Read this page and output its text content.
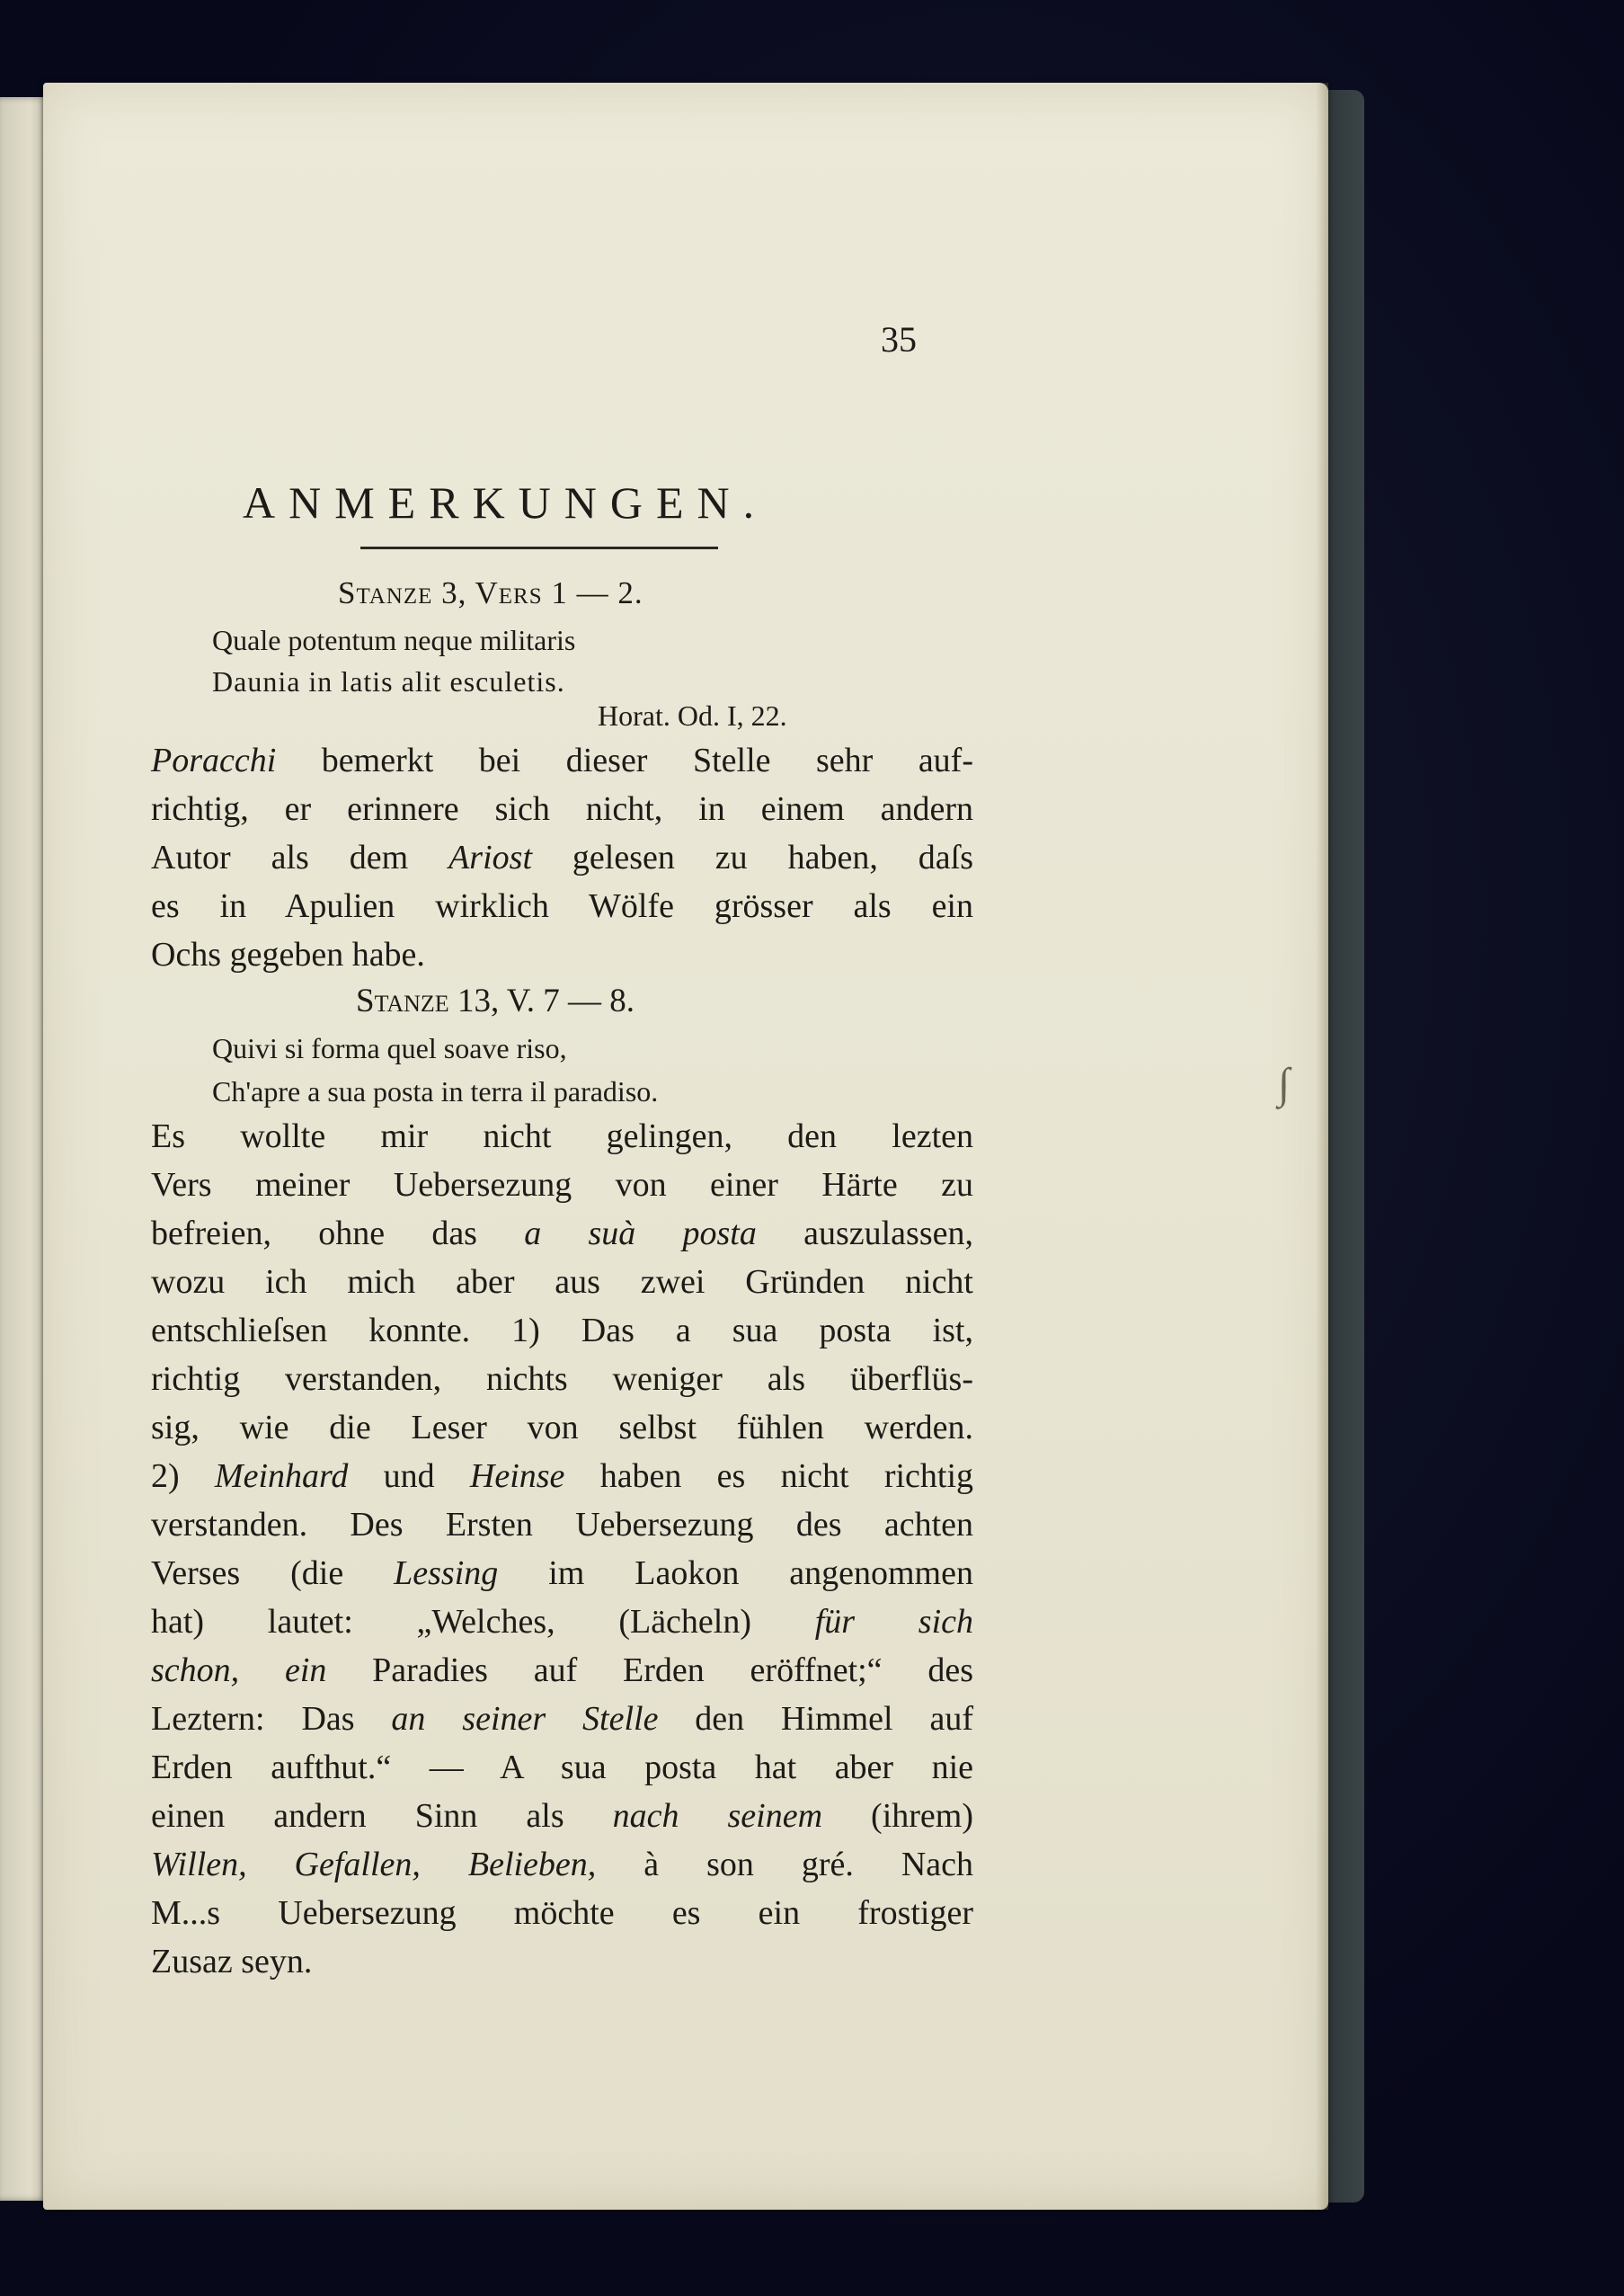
35
ANMERKUNGEN.
Stanze 3, Vers 1 — 2.
Quale potentum neque militaris
Daunia in latis alit esculetis.
Horat. Od. I, 22.
Poracchi bemerkt bei dieser Stelle sehr auf-
richtig, er erinnere sich nicht, in einem andern
Autor als dem Ariost gelesen zu haben, daſs
es in Apulien wirklich Wölfe grösser als ein
Ochs gegeben habe.
Stanze 13, V. 7 — 8.
Quivi si forma quel soave riso,
Ch'apre a sua posta in terra il paradiso.
Es wollte mir nicht gelingen, den lezten
Vers meiner Uebersezung von einer Härte zu
befreien, ohne das a suà posta auszulassen,
wozu ich mich aber aus zwei Gründen nicht
entschlieſsen konnte. 1) Das a sua posta ist,
richtig verstanden, nichts weniger als überflüs-
sig, wie die Leser von selbst fühlen werden.
2) Meinhard und Heinse haben es nicht richtig
verstanden. Des Ersten Uebersezung des achten
Verses (die Lessing im Laokon angenommen
hat) lautet: „Welches, (Lächeln) für sich
schon, ein Paradies auf Erden eröffnet;“ des
Leztern: Das an seiner Stelle den Himmel auf
Erden aufthut.“ — A sua posta hat aber nie
einen andern Sinn als nach seinem (ihrem)
Willen, Gefallen, Belieben, à son gré. Nach
M...s Uebersezung möchte es ein frostiger
Zusaz seyn.
∫
